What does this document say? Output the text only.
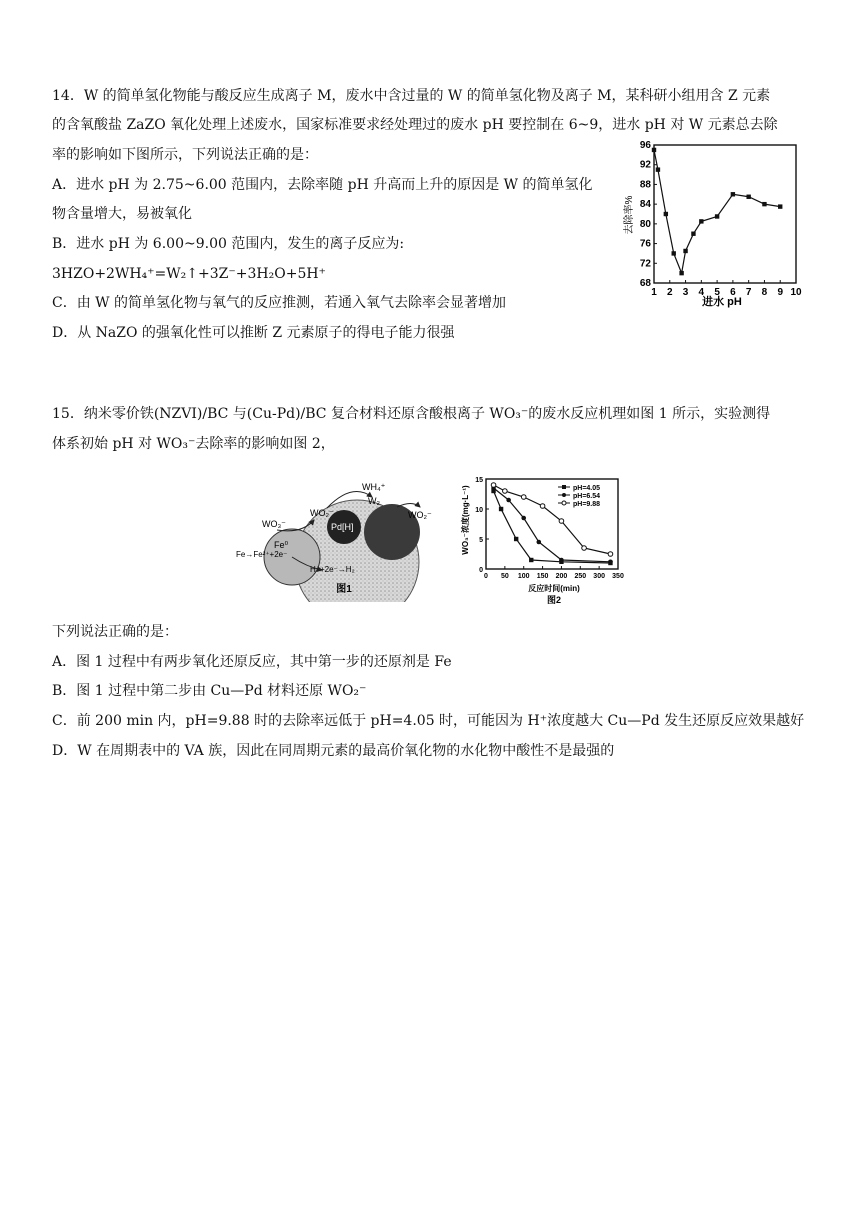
14．W 的简单氢化物能与酸反应生成离子 M，废水中含过量的 W 的简单氢化物及离子 M，某科研小组用含 Z 元素
的含氧酸盐 ZaZO 氧化处理上述废水，国家标准要求经处理过的废水 pH 要控制在 6~9，进水 pH 对 W 元素总去除
率的影响如下图所示，下列说法正确的是：
A．进水 pH 为 2.75~6.00 范围内，去除率随 pH 升高而上升的原因是 W 的简单氢化
物含量增大，易被氧化
B．进水 pH 为 6.00~9.00 范围内，发生的离子反应为:
3HZO+2WH₄⁺=W₂↑+3Z⁻+3H₂O+5H⁺
C．由 W 的简单氢化物与氧气的反应推测，若通入氧气去除率会显著增加
D．从 NaZO 的强氧化性可以推断 Z 元素原子的得电子能力很强
去除率%
进水 pH
1 2 3 4 5 6 7 8 9 10
68
72
76
80
84
88
92
96
15．纳米零价铁(NZVI)/BC 与(Cu-Pd)/BC 复合材料还原含酸根离子 WO₃⁻的废水反应机理如图 1 所示，实验测得
体系初始 pH 对 WO₃⁻去除率的影响如图 2，
Pd[H]
Fe⁰
WO₃⁻
WO₂⁻
WH₄⁺
W₂
WO₂⁻
Fe→Fe²⁺+2e⁻
H⁺+2e⁻→H₂
图1
WO₃⁻浓度(mg·L⁻¹)
反应时间(min)
图2
0 50 100 150 200 250 300 350
0
5
10
15
pH=4.05
pH=6.54
pH=9.88
下列说法正确的是：
A．图 1 过程中有两步氧化还原反应，其中第一步的还原剂是 Fe
B．图 1 过程中第二步由 Cu—Pd 材料还原 WO₂⁻
C．前 200 min 内，pH=9.88 时的去除率远低于 pH=4.05 时，可能因为 H⁺浓度越大 Cu—Pd 发生还原反应效果越好
D．W 在周期表中的 VA 族，因此在同周期元素的最高价氧化物的水化物中酸性不是最强的
